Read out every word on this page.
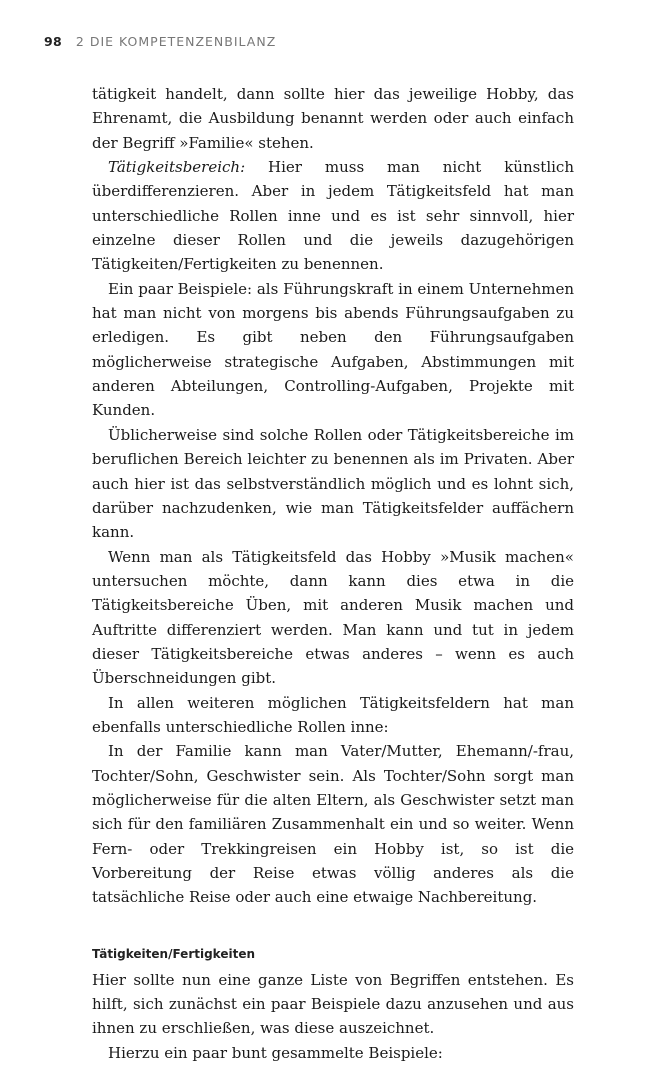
98 2 DIE KOMPETENZENBILANZ

tätigkeit handelt, dann sollte hier das jeweilige Hobby, das Ehrenamt, die Ausbildung benannt werden oder auch einfach der Begriff »Familie« stehen.

Tätigkeitsbereich: Hier muss man nicht künstlich überdifferenzieren. Aber in jedem Tätigkeitsfeld hat man unterschiedliche Rollen inne und es ist sehr sinnvoll, hier einzelne dieser Rollen und die jeweils dazugehörigen Tätigkeiten/Fertigkeiten zu benennen.

Ein paar Beispiele: als Führungskraft in einem Unternehmen hat man nicht von morgens bis abends Führungsaufgaben zu erledigen. Es gibt neben den Führungsaufgaben möglicherweise strategische Aufgaben, Abstimmungen mit anderen Abteilungen, Controlling-Aufgaben, Projekte mit Kunden.

Üblicherweise sind solche Rollen oder Tätigkeitsbereiche im beruflichen Bereich leichter zu benennen als im Privaten. Aber auch hier ist das selbstverständlich möglich und es lohnt sich, darüber nachzudenken, wie man Tätigkeitsfelder auffächern kann.

Wenn man als Tätigkeitsfeld das Hobby »Musik machen« untersuchen möchte, dann kann dies etwa in die Tätigkeitsbereiche Üben, mit anderen Musik machen und Auftritte differenziert werden. Man kann und tut in jedem dieser Tätigkeitsbereiche etwas anderes – wenn es auch Überschneidungen gibt.

In allen weiteren möglichen Tätigkeitsfeldern hat man ebenfalls unterschiedliche Rollen inne:

In der Familie kann man Vater/Mutter, Ehemann/-frau, Tochter/Sohn, Geschwister sein. Als Tochter/Sohn sorgt man möglicherweise für die alten Eltern, als Geschwister setzt man sich für den familiären Zusammenhalt ein und so weiter. Wenn Fern- oder Trekkingreisen ein Hobby ist, so ist die Vorbereitung der Reise etwas völlig anderes als die tatsächliche Reise oder auch eine etwaige Nachbereitung.

Tätigkeiten/Fertigkeiten

Hier sollte nun eine ganze Liste von Begriffen entstehen. Es hilft, sich zunächst ein paar Beispiele dazu anzusehen und aus ihnen zu erschließen, was diese auszeichnet.

Hierzu ein paar bunt gesammelte Beispiele:
